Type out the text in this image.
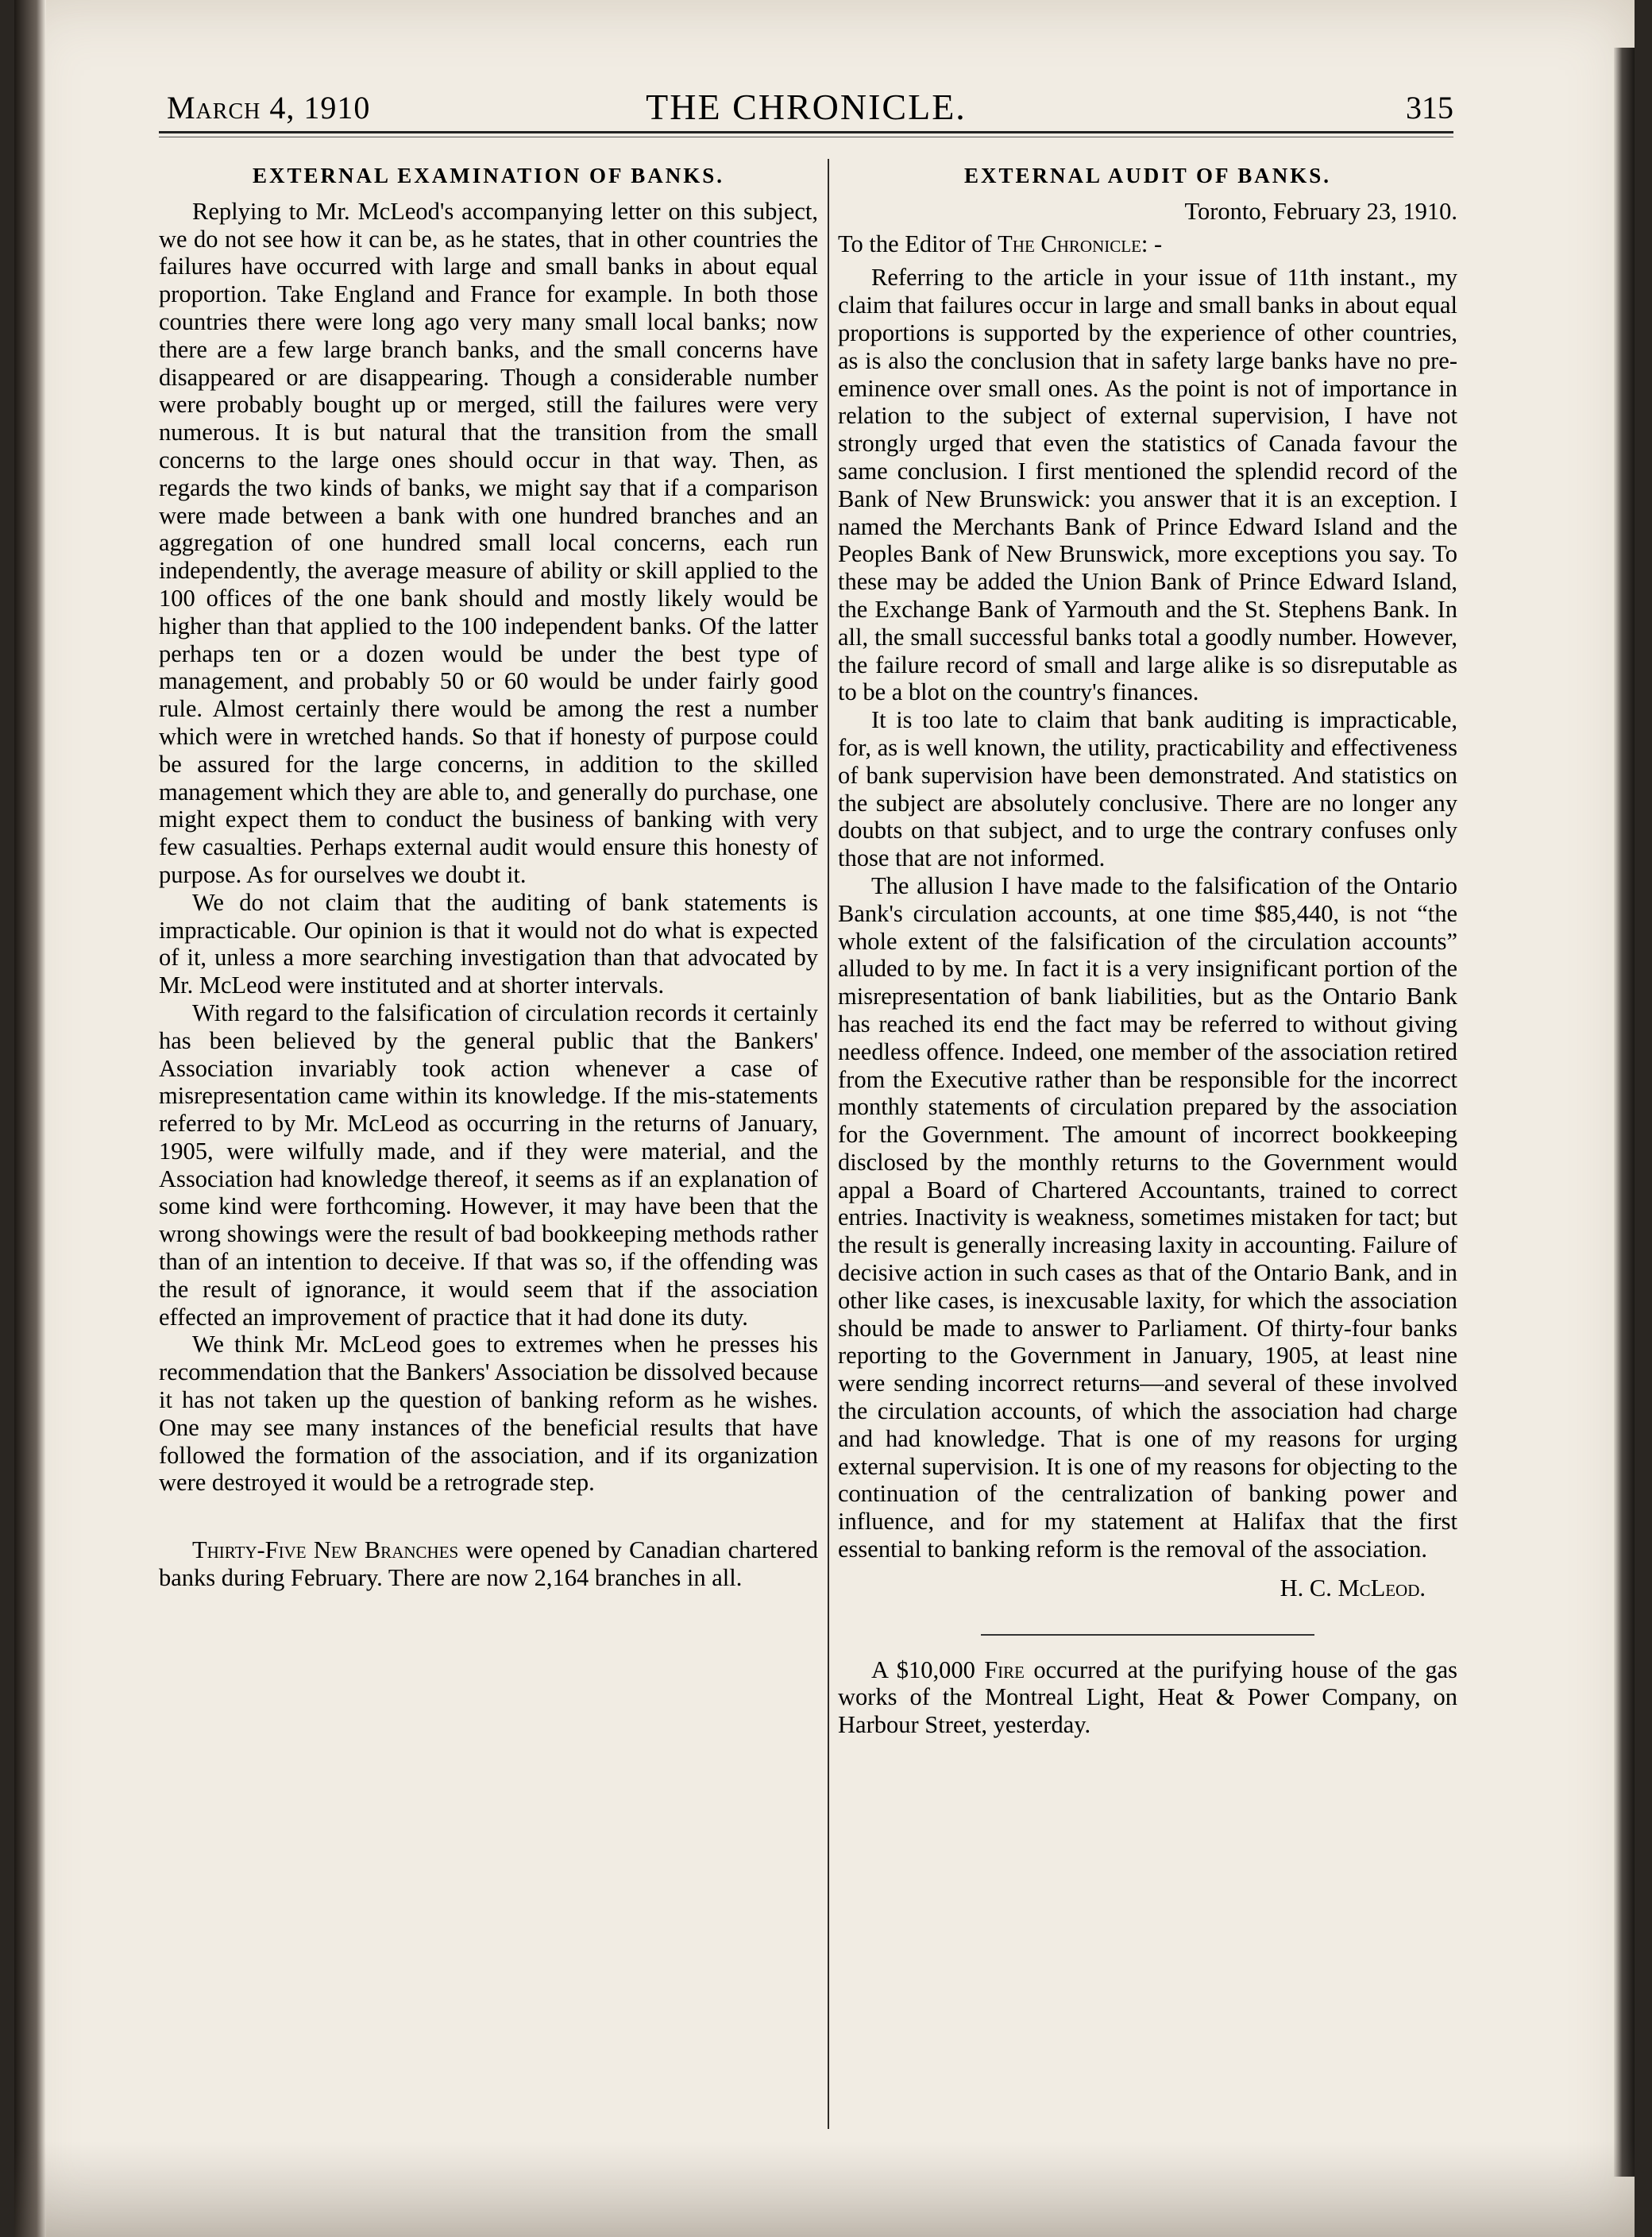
March 4, 1910	THE CHRONICLE.	315
EXTERNAL EXAMINATION OF BANKS.

Replying to Mr. McLeod's accompanying letter on this subject, we do not see how it can be, as he states, that in other countries the failures have occurred with large and small banks in about equal proportion. Take England and France for example. In both those countries there were long ago very many small local banks; now there are a few large branch banks, and the small concerns have disappeared or are disappearing. Though a considerable number were probably bought up or merged, still the failures were very numerous. It is but natural that the transition from the small concerns to the large ones should occur in that way. Then, as regards the two kinds of banks, we might say that if a comparison were made between a bank with one hundred branches and an aggregation of one hundred small local concerns, each run independently, the average measure of ability or skill applied to the 100 offices of the one bank should and mostly likely would be higher than that applied to the 100 independent banks. Of the latter perhaps ten or a dozen would be under the best type of management, and probably 50 or 60 would be under fairly good rule. Almost certainly there would be among the rest a number which were in wretched hands. So that if honesty of purpose could be assured for the large concerns, in addition to the skilled management which they are able to, and generally do purchase, one might expect them to conduct the business of banking with very few casualties. Perhaps external audit would ensure this honesty of purpose. As for ourselves we doubt it.

We do not claim that the auditing of bank statements is impracticable. Our opinion is that it would not do what is expected of it, unless a more searching investigation than that advocated by Mr. McLeod were instituted and at shorter intervals.

With regard to the falsification of circulation records it certainly has been believed by the general public that the Bankers' Association invariably took action whenever a case of misrepresentation came within its knowledge. If the mis-statements referred to by Mr. McLeod as occurring in the returns of January, 1905, were wilfully made, and if they were material, and the Association had knowledge thereof, it seems as if an explanation of some kind were forthcoming. However, it may have been that the wrong showings were the result of bad bookkeeping methods rather than of an intention to deceive. If that was so, if the offending was the result of ignorance, it would seem that if the association effected an improvement of practice that it had done its duty.

We think Mr. McLeod goes to extremes when he presses his recommendation that the Bankers' Association be dissolved because it has not taken up the question of banking reform as he wishes. One may see many instances of the beneficial results that have followed the formation of the association, and if its organization were destroyed it would be a retrograde step.

Thirty-Five New Branches were opened by Canadian chartered banks during February. There are now 2,164 branches in all.

EXTERNAL AUDIT OF BANKS.
Toronto, February 23, 1910.

To the Editor of The Chronicle: -

Referring to the article in your issue of 11th instant., my claim that failures occur in large and small banks in about equal proportions is supported by the experience of other countries, as is also the conclusion that in safety large banks have no pre-eminence over small ones. As the point is not of importance in relation to the subject of external supervision, I have not strongly urged that even the statistics of Canada favour the same conclusion. I first mentioned the splendid record of the Bank of New Brunswick: you answer that it is an exception. I named the Merchants Bank of Prince Edward Island and the Peoples Bank of New Brunswick, more exceptions you say. To these may be added the Union Bank of Prince Edward Island, the Exchange Bank of Yarmouth and the St. Stephens Bank. In all, the small successful banks total a goodly number. However, the failure record of small and large alike is so disreputable as to be a blot on the country's finances.

It is too late to claim that bank auditing is impracticable, for, as is well known, the utility, practicability and effectiveness of bank supervision have been demonstrated. And statistics on the subject are absolutely conclusive. There are no longer any doubts on that subject, and to urge the contrary confuses only those that are not informed.

The allusion I have made to the falsification of the Ontario Bank's circulation accounts, at one time $85,440, is not “the whole extent of the falsification of the circulation accounts” alluded to by me. In fact it is a very insignificant portion of the misrepresentation of bank liabilities, but as the Ontario Bank has reached its end the fact may be referred to without giving needless offence. Indeed, one member of the association retired from the Executive rather than be responsible for the incorrect monthly statements of circulation prepared by the association for the Government. The amount of incorrect bookkeeping disclosed by the monthly returns to the Government would appal a Board of Chartered Accountants, trained to correct entries. Inactivity is weakness, sometimes mistaken for tact; but the result is generally increasing laxity in accounting. Failure of decisive action in such cases as that of the Ontario Bank, and in other like cases, is inexcusable laxity, for which the association should be made to answer to Parliament. Of thirty-four banks reporting to the Government in January, 1905, at least nine were sending incorrect returns—and several of these involved the circulation accounts, of which the association had charge and had knowledge. That is one of my reasons for urging external supervision. It is one of my reasons for objecting to the continuation of the centralization of banking power and influence, and for my statement at Halifax that the first essential to banking reform is the removal of the association.

H. C. McLeod.

A $10,000 Fire occurred at the purifying house of the gas works of the Montreal Light, Heat & Power Company, on Harbour Street, yesterday.
